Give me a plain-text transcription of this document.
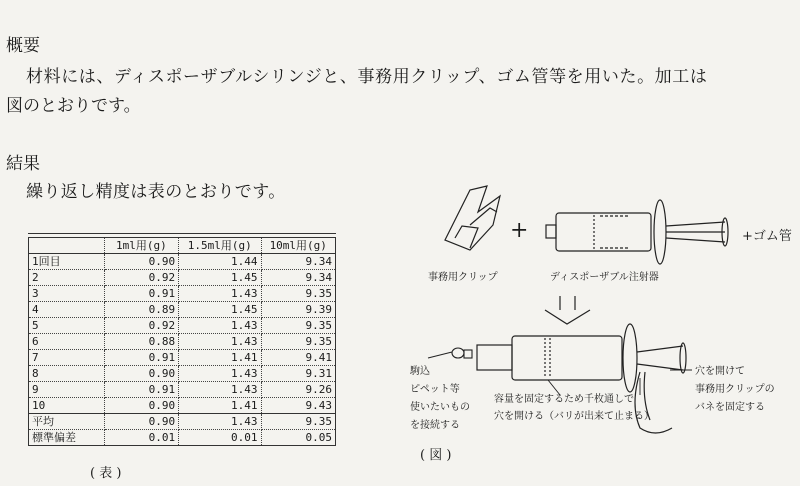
概要
材料には、ディスポーザブルシリンジと、事務用クリップ、ゴム管等を用いた。加工は
図のとおりです。
結果
繰り返し精度は表のとおりです。
	1ml用(g)	1.5ml用(g)	10ml用(g)
1回目	0.90	1.44	9.34
2	0.92	1.45	9.34
3	0.91	1.43	9.35
4	0.89	1.45	9.39
5	0.92	1.43	9.35
6	0.88	1.43	9.35
7	0.91	1.41	9.41
8	0.90	1.43	9.31
9	0.91	1.43	9.26
10	0.90	1.41	9.43
平均	0.90	1.43	9.35
標準偏差	0.01	0.01	0.05
( 表 )
+	+ゴム管
事務用クリップ	ディスポーザブル注射器
駒込
ピペット等
使いたいもの
を接続する
容量を固定するため千枚通しで
穴を開ける（バリが出来て止まる）
穴を開けて
事務用クリップの
バネを固定する
( 図 )
